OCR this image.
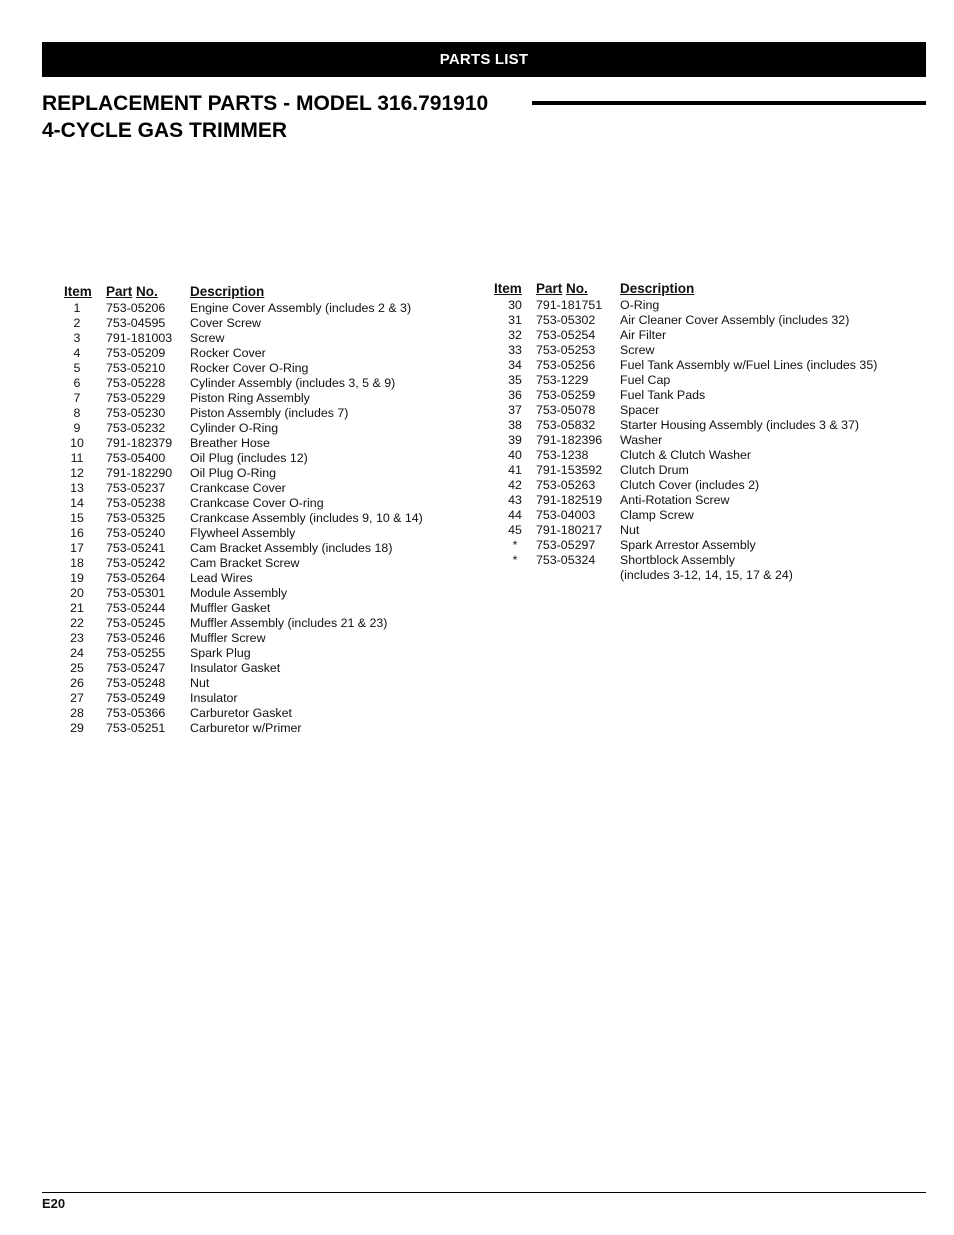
PARTS LIST
REPLACEMENT PARTS - MODEL 316.791910
4-CYCLE GAS TRIMMER
Item	Part No.	Description
1	753-05206	Engine Cover Assembly (includes 2 & 3)
2	753-04595	Cover Screw
3	791-181003	Screw
4	753-05209	Rocker Cover
5	753-05210	Rocker Cover O-Ring
6	753-05228	Cylinder Assembly (includes 3, 5 & 9)
7	753-05229	Piston Ring Assembly
8	753-05230	Piston Assembly (includes 7)
9	753-05232	Cylinder O-Ring
10	791-182379	Breather Hose
11	753-05400	Oil Plug (includes 12)
12	791-182290	Oil Plug O-Ring
13	753-05237	Crankcase Cover
14	753-05238	Crankcase Cover O-ring
15	753-05325	Crankcase Assembly (includes 9, 10 & 14)
16	753-05240	Flywheel Assembly
17	753-05241	Cam Bracket Assembly (includes 18)
18	753-05242	Cam Bracket Screw
19	753-05264	Lead Wires
20	753-05301	Module Assembly
21	753-05244	Muffler Gasket
22	753-05245	Muffler Assembly (includes 21 & 23)
23	753-05246	Muffler Screw
24	753-05255	Spark Plug
25	753-05247	Insulator Gasket
26	753-05248	Nut
27	753-05249	Insulator
28	753-05366	Carburetor Gasket
29	753-05251	Carburetor w/Primer
Item	Part No.	Description
30	791-181751	O-Ring
31	753-05302	Air Cleaner Cover Assembly (includes 32)
32	753-05254	Air Filter
33	753-05253	Screw
34	753-05256	Fuel Tank Assembly w/Fuel Lines (includes 35)
35	753-1229	Fuel Cap
36	753-05259	Fuel Tank Pads
37	753-05078	Spacer
38	753-05832	Starter Housing Assembly (includes 3 & 37)
39	791-182396	Washer
40	753-1238	Clutch & Clutch Washer
41	791-153592	Clutch Drum
42	753-05263	Clutch Cover (includes 2)
43	791-182519	Anti-Rotation Screw
44	753-04003	Clamp Screw
45	791-180217	Nut
*	753-05297	Spark Arrestor Assembly
*	753-05324	Shortblock Assembly
		(includes 3-12, 14, 15, 17 & 24)
E20
